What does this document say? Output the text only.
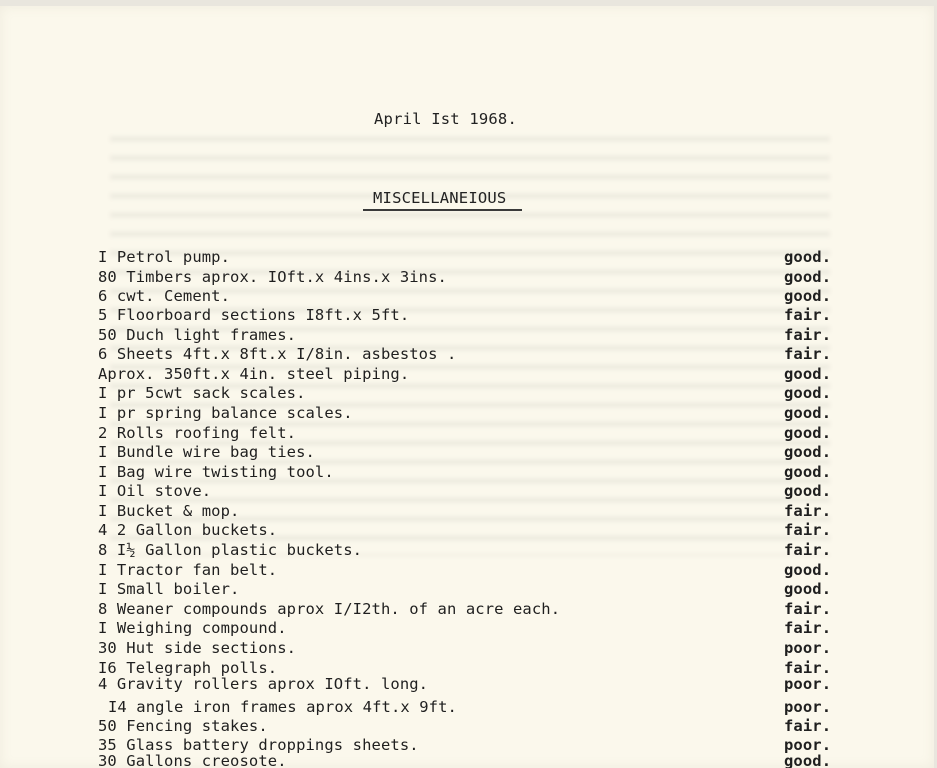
April Ist 1968.
MISCELLANEIOUS
I Petrol pump.	good.
80 Timbers aprox. IOft.x 4ins.x 3ins.	good.
6 cwt. Cement.	good.
5 Floorboard sections I8ft.x 5ft.	fair.
50 Duch light frames.	fair.
6 Sheets 4ft.x 8ft.x I/8in. asbestos .	fair.
Aprox. 350ft.x 4in. steel piping.	good.
I pr 5cwt sack scales.	good.
I pr spring balance scales.	good.
2 Rolls roofing felt.	good.
I Bundle wire bag ties.	good.
I Bag wire twisting tool.	good.
I Oil stove.	good.
I Bucket & mop.	fair.
4 2 Gallon buckets.	fair.
8 I½ Gallon plastic buckets.	fair.
I Tractor fan belt.	good.
I Small boiler.	good.
8 Weaner compounds aprox I/I2th. of an acre each.	fair.
I Weighing compound.	fair.
30 Hut side sections.	poor.
I6 Telegraph polls.	fair.
4 Gravity rollers aprox IOft. long.	poor.
I4 angle iron frames aprox 4ft.x 9ft.	poor.
50 Fencing stakes.	fair.
35 Glass battery droppings sheets.	poor.
30 Gallons creosote.	good.
